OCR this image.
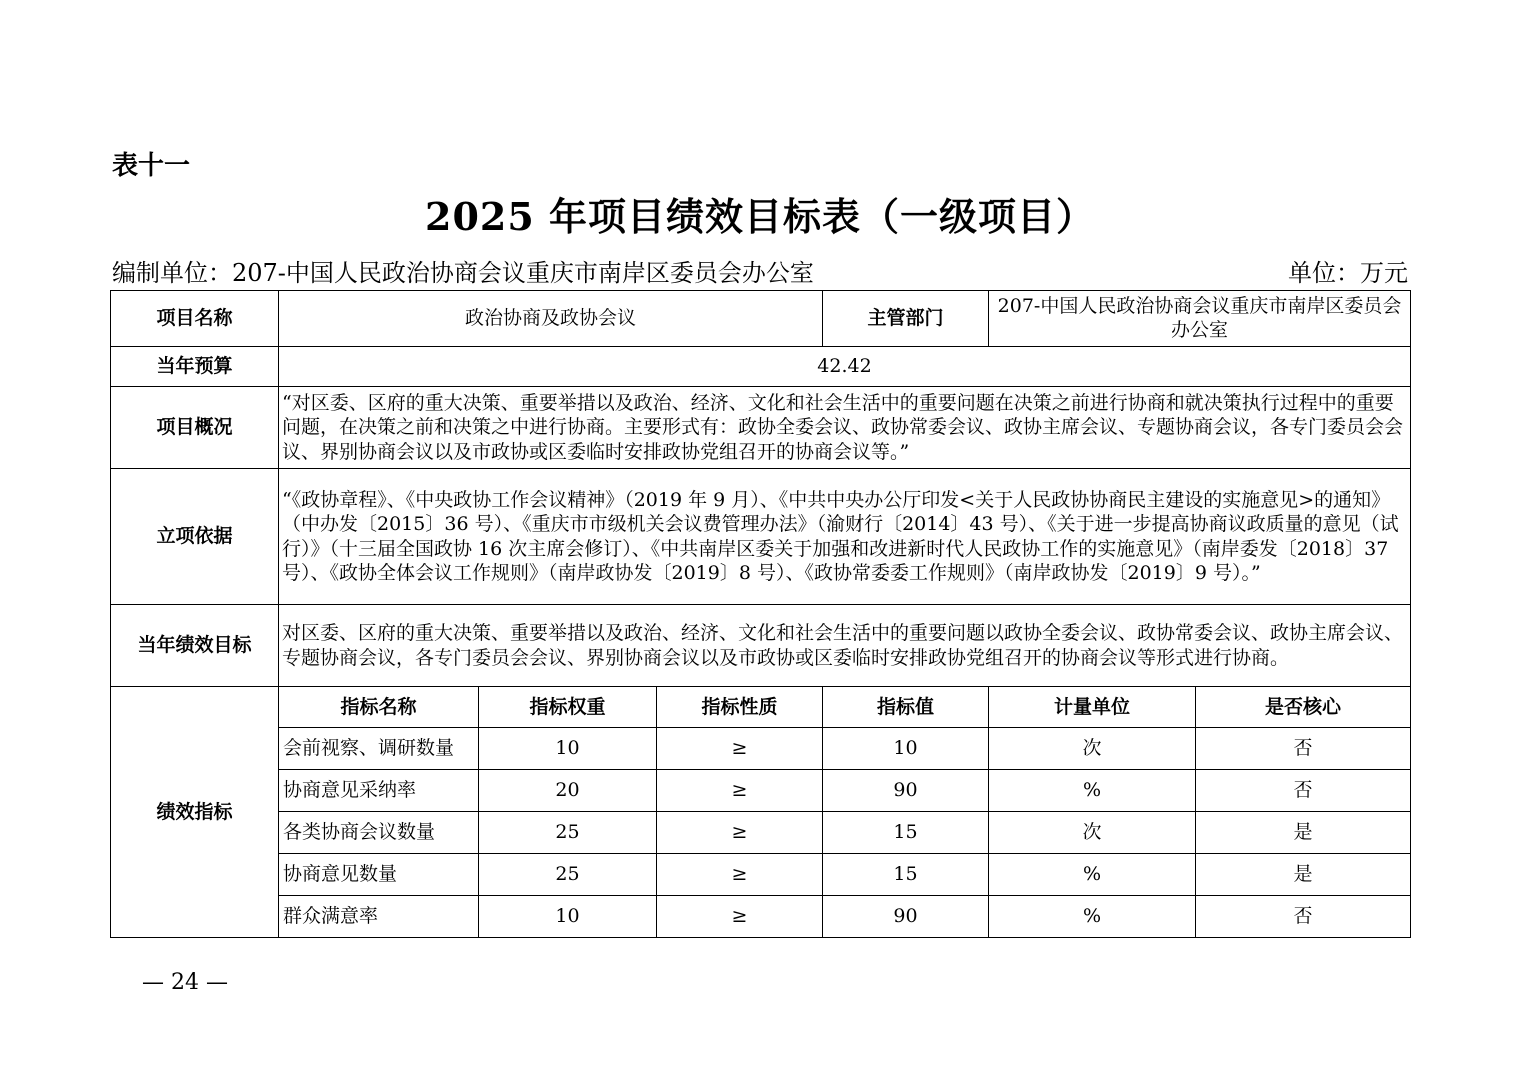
表十一
2025 年项目绩效目标表（一级项目）
编制单位：207-中国人民政治协商会议重庆市南岸区委员会办公室	单位：万元
项目名称	政治协商及政协会议			主管部门	207-中国人民政治协商会议重庆市南岸区委员会办公室	
当年预算	42.42					
项目概况	“对区委、区府的重大决策、重要举措以及政治、经济、文化和社会生活中的重要问题在决策之前进行协商和就决策执行过程中的重要问题，在决策之前和决策之中进行协商。主要形式有：政协全委会议、政协常委会议、政协主席会议、专题协商会议，各专门委员会会议、界别协商会议以及市政协或区委临时安排政协党组召开的协商会议等。”					
立项依据	“《政协章程》、《中央政协工作会议精神》（2019 年 9 月）、《中共中央办公厅印发<关于人民政协协商民主建设的实施意见>的通知》（中办发〔2015〕36 号）、《重庆市市级机关会议费管理办法》（渝财行〔2014〕43 号）、《关于进一步提高协商议政质量的意见（试行）》（十三届全国政协 16 次主席会修订）、《中共南岸区委关于加强和改进新时代人民政协工作的实施意见》（南岸委发〔2018〕37 号）、《政协全体会议工作规则》（南岸政协发〔2019〕8 号）、《政协常委委工作规则》（南岸政协发〔2019〕9 号）。”					
当年绩效目标	对区委、区府的重大决策、重要举措以及政治、经济、文化和社会生活中的重要问题以政协全委会议、政协常委会议、政协主席会议、专题协商会议，各专门委员会会议、界别协商会议以及市政协或区委临时安排政协党组召开的协商会议等形式进行协商。					
绩效指标	指标名称	指标权重	指标性质	指标值	计量单位	是否核心
	会前视察、调研数量	10	≥	10	次	否
	协商意见采纳率	20	≥	90	%	否
	各类协商会议数量	25	≥	15	次	是
	协商意见数量	25	≥	15	%	是
	群众满意率	10	≥	90	%	否
— 24 —
